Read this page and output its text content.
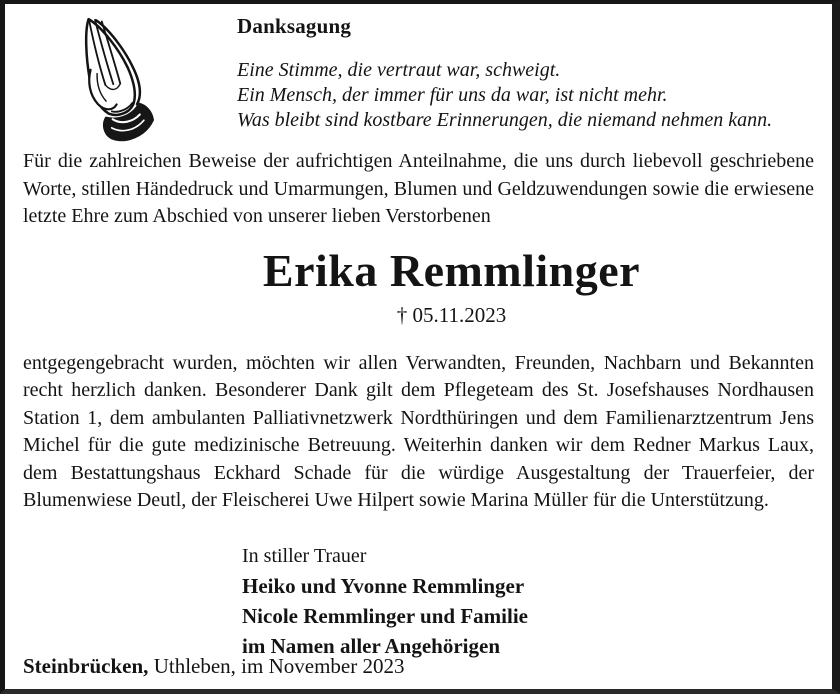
Danksagung
Eine Stimme, die vertraut war, schweigt.
Ein Mensch, der immer für uns da war, ist nicht mehr.
Was bleibt sind kostbare Erinnerungen, die niemand nehmen kann.

Für die zahlreichen Beweise der aufrichtigen Anteilnahme, die uns durch liebevoll geschriebene Worte, stillen Händedruck und Umarmungen, Blumen und Geldzuwendungen sowie die erwiesene letzte Ehre zum Abschied von unserer lieben Verstorbenen

Erika Remmlinger
† 05.11.2023

entgegengebracht wurden, möchten wir allen Verwandten, Freunden, Nachbarn und Bekannten recht herzlich danken. Besonderer Dank gilt dem Pflegeteam des St. Josefshauses Nordhausen Station 1, dem ambulanten Palliativnetzwerk Nordthüringen und dem Familienarztzentrum Jens Michel für die gute medizinische Betreuung. Weiterhin danken wir dem Redner Markus Laux, dem Bestattungshaus Eckhard Schade für die würdige Ausgestaltung der Trauerfeier, der Blumenwiese Deutl, der Fleischerei Uwe Hilpert sowie Marina Müller für die Unterstützung.

In stiller Trauer
Heiko und Yvonne Remmlinger
Nicole Remmlinger und Familie
im Namen aller Angehörigen
Steinbrücken, Uthleben, im November 2023
